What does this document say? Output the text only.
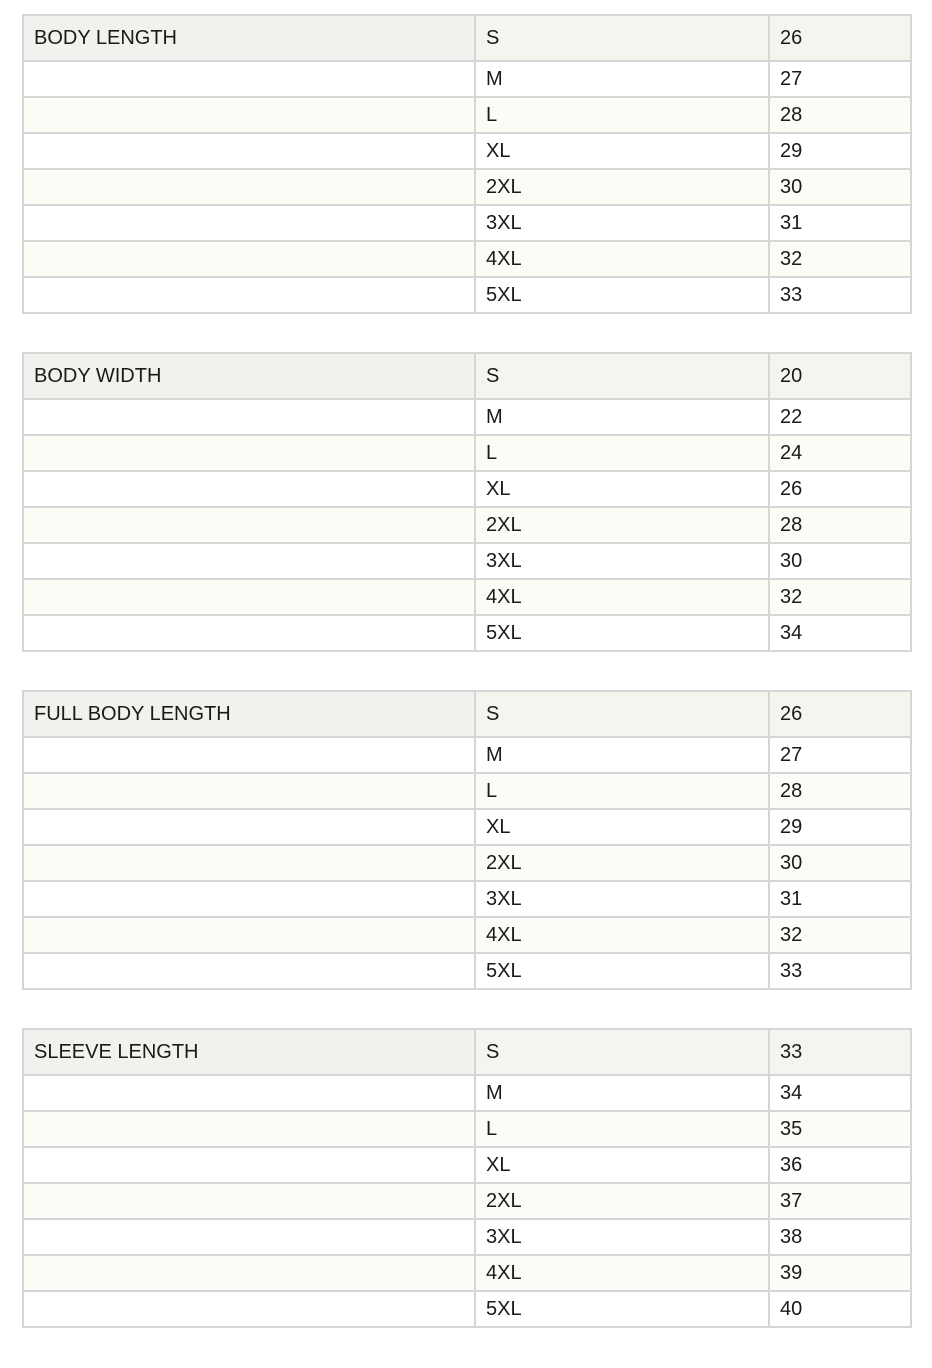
BODY LENGTH	S	26
	M	27
	L	28
	XL	29
	2XL	30
	3XL	31
	4XL	32
	5XL	33
BODY WIDTH	S	20
	M	22
	L	24
	XL	26
	2XL	28
	3XL	30
	4XL	32
	5XL	34
FULL BODY LENGTH	S	26
	M	27
	L	28
	XL	29
	2XL	30
	3XL	31
	4XL	32
	5XL	33
SLEEVE LENGTH	S	33
	M	34
	L	35
	XL	36
	2XL	37
	3XL	38
	4XL	39
	5XL	40
